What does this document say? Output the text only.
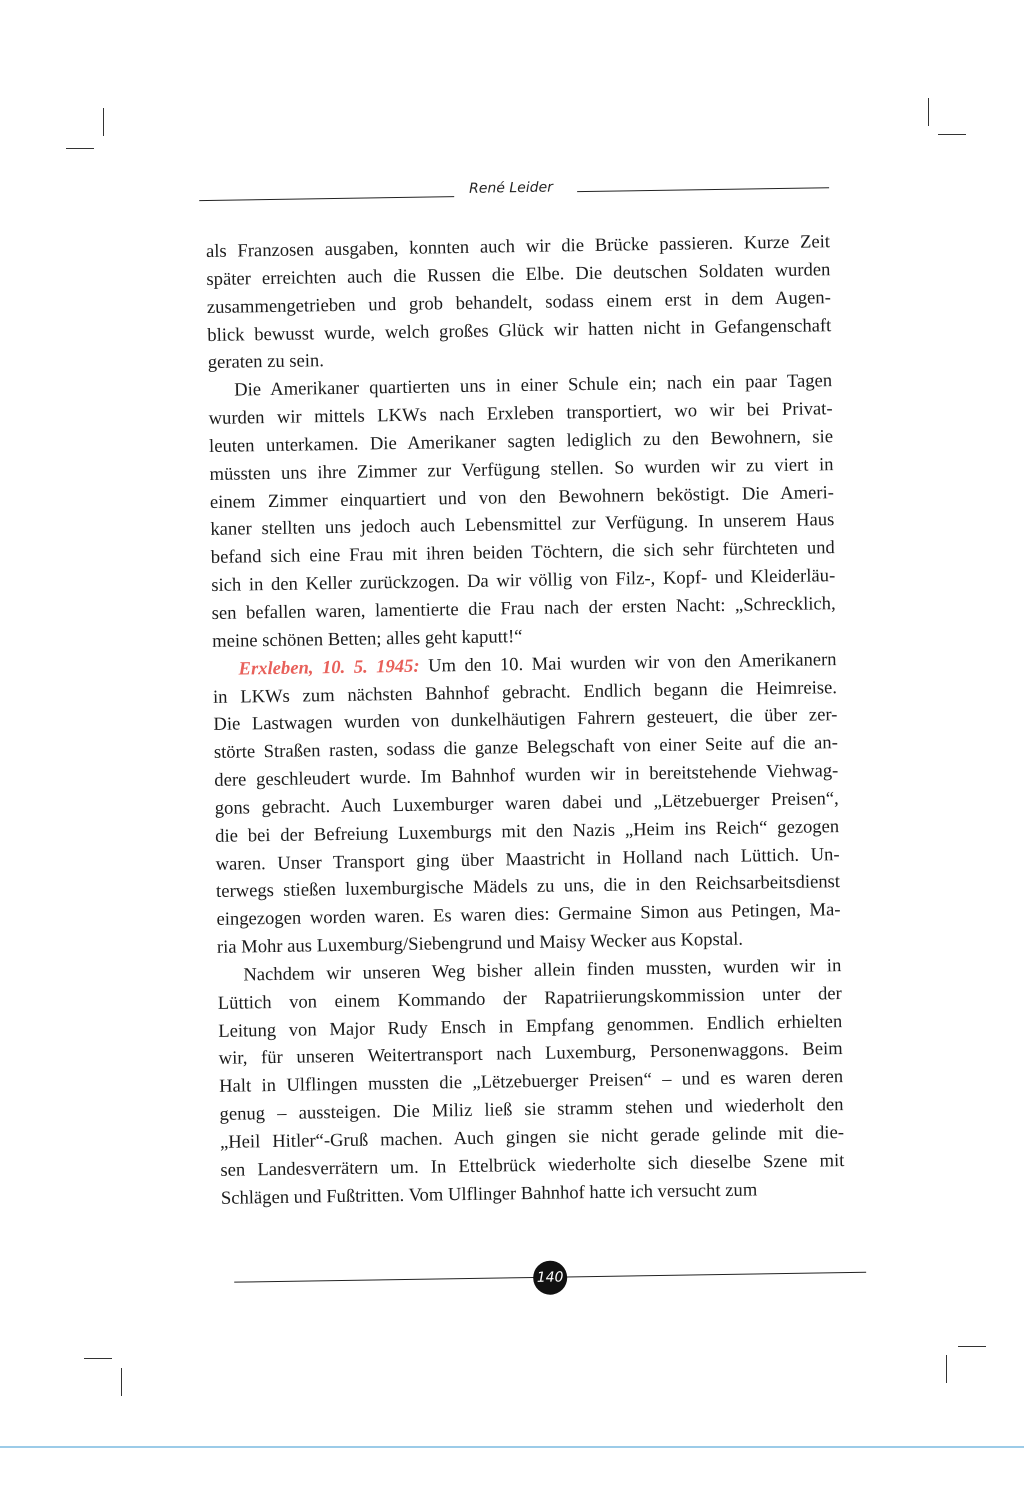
René Leider
als Franzosen ausgaben, konnten auch wir die Brücke passieren. Kurze Zeit
später erreichten auch die Russen die Elbe. Die deutschen Soldaten wurden
zusammengetrieben und grob behandelt, sodass einem erst in dem Augen-
blick bewusst wurde, welch großes Glück wir hatten nicht in Gefangenschaft
geraten zu sein.
Die Amerikaner quartierten uns in einer Schule ein; nach ein paar Tagen
wurden wir mittels LKWs nach Erxleben transportiert, wo wir bei Privat-
leuten unterkamen. Die Amerikaner sagten lediglich zu den Bewohnern, sie
müssten uns ihre Zimmer zur Verfügung stellen. So wurden wir zu viert in
einem Zimmer einquartiert und von den Bewohnern beköstigt. Die Ameri-
kaner stellten uns jedoch auch Lebensmittel zur Verfügung. In unserem Haus
befand sich eine Frau mit ihren beiden Töchtern, die sich sehr fürchteten und
sich in den Keller zurückzogen. Da wir völlig von Filz-, Kopf- und Kleiderläu-
sen befallen waren, lamentierte die Frau nach der ersten Nacht: „Schrecklich,
meine schönen Betten; alles geht kaputt!“
Erxleben, 10. 5. 1945: Um den 10. Mai wurden wir von den Amerikanern
in LKWs zum nächsten Bahnhof gebracht. Endlich begann die Heimreise.
Die Lastwagen wurden von dunkelhäutigen Fahrern gesteuert, die über zer-
störte Straßen rasten, sodass die ganze Belegschaft von einer Seite auf die an-
dere geschleudert wurde. Im Bahnhof wurden wir in bereitstehende Viehwag-
gons gebracht. Auch Luxemburger waren dabei und „Lëtzebuerger Preisen“,
die bei der Befreiung Luxemburgs mit den Nazis „Heim ins Reich“ gezogen
waren. Unser Transport ging über Maastricht in Holland nach Lüttich. Un-
terwegs stießen luxemburgische Mädels zu uns, die in den Reichsarbeitsdienst
eingezogen worden waren. Es waren dies: Germaine Simon aus Petingen, Ma-
ria Mohr aus Luxemburg/Siebengrund und Maisy Wecker aus Kopstal.
Nachdem wir unseren Weg bisher allein finden mussten, wurden wir in
Lüttich von einem Kommando der Rapatriierungskommission unter der
Leitung von Major Rudy Ensch in Empfang genommen. Endlich erhielten
wir, für unseren Weitertransport nach Luxemburg, Personenwaggons. Beim
Halt in Ulflingen mussten die „Lëtzebuerger Preisen“ – und es waren deren
genug – aussteigen. Die Miliz ließ sie stramm stehen und wiederholt den
„Heil Hitler“-Gruß machen. Auch gingen sie nicht gerade gelinde mit die-
sen Landesverrätern um. In Ettelbrück wiederholte sich dieselbe Szene mit
Schlägen und Fußtritten. Vom Ulflinger Bahnhof hatte ich versucht zum
140
